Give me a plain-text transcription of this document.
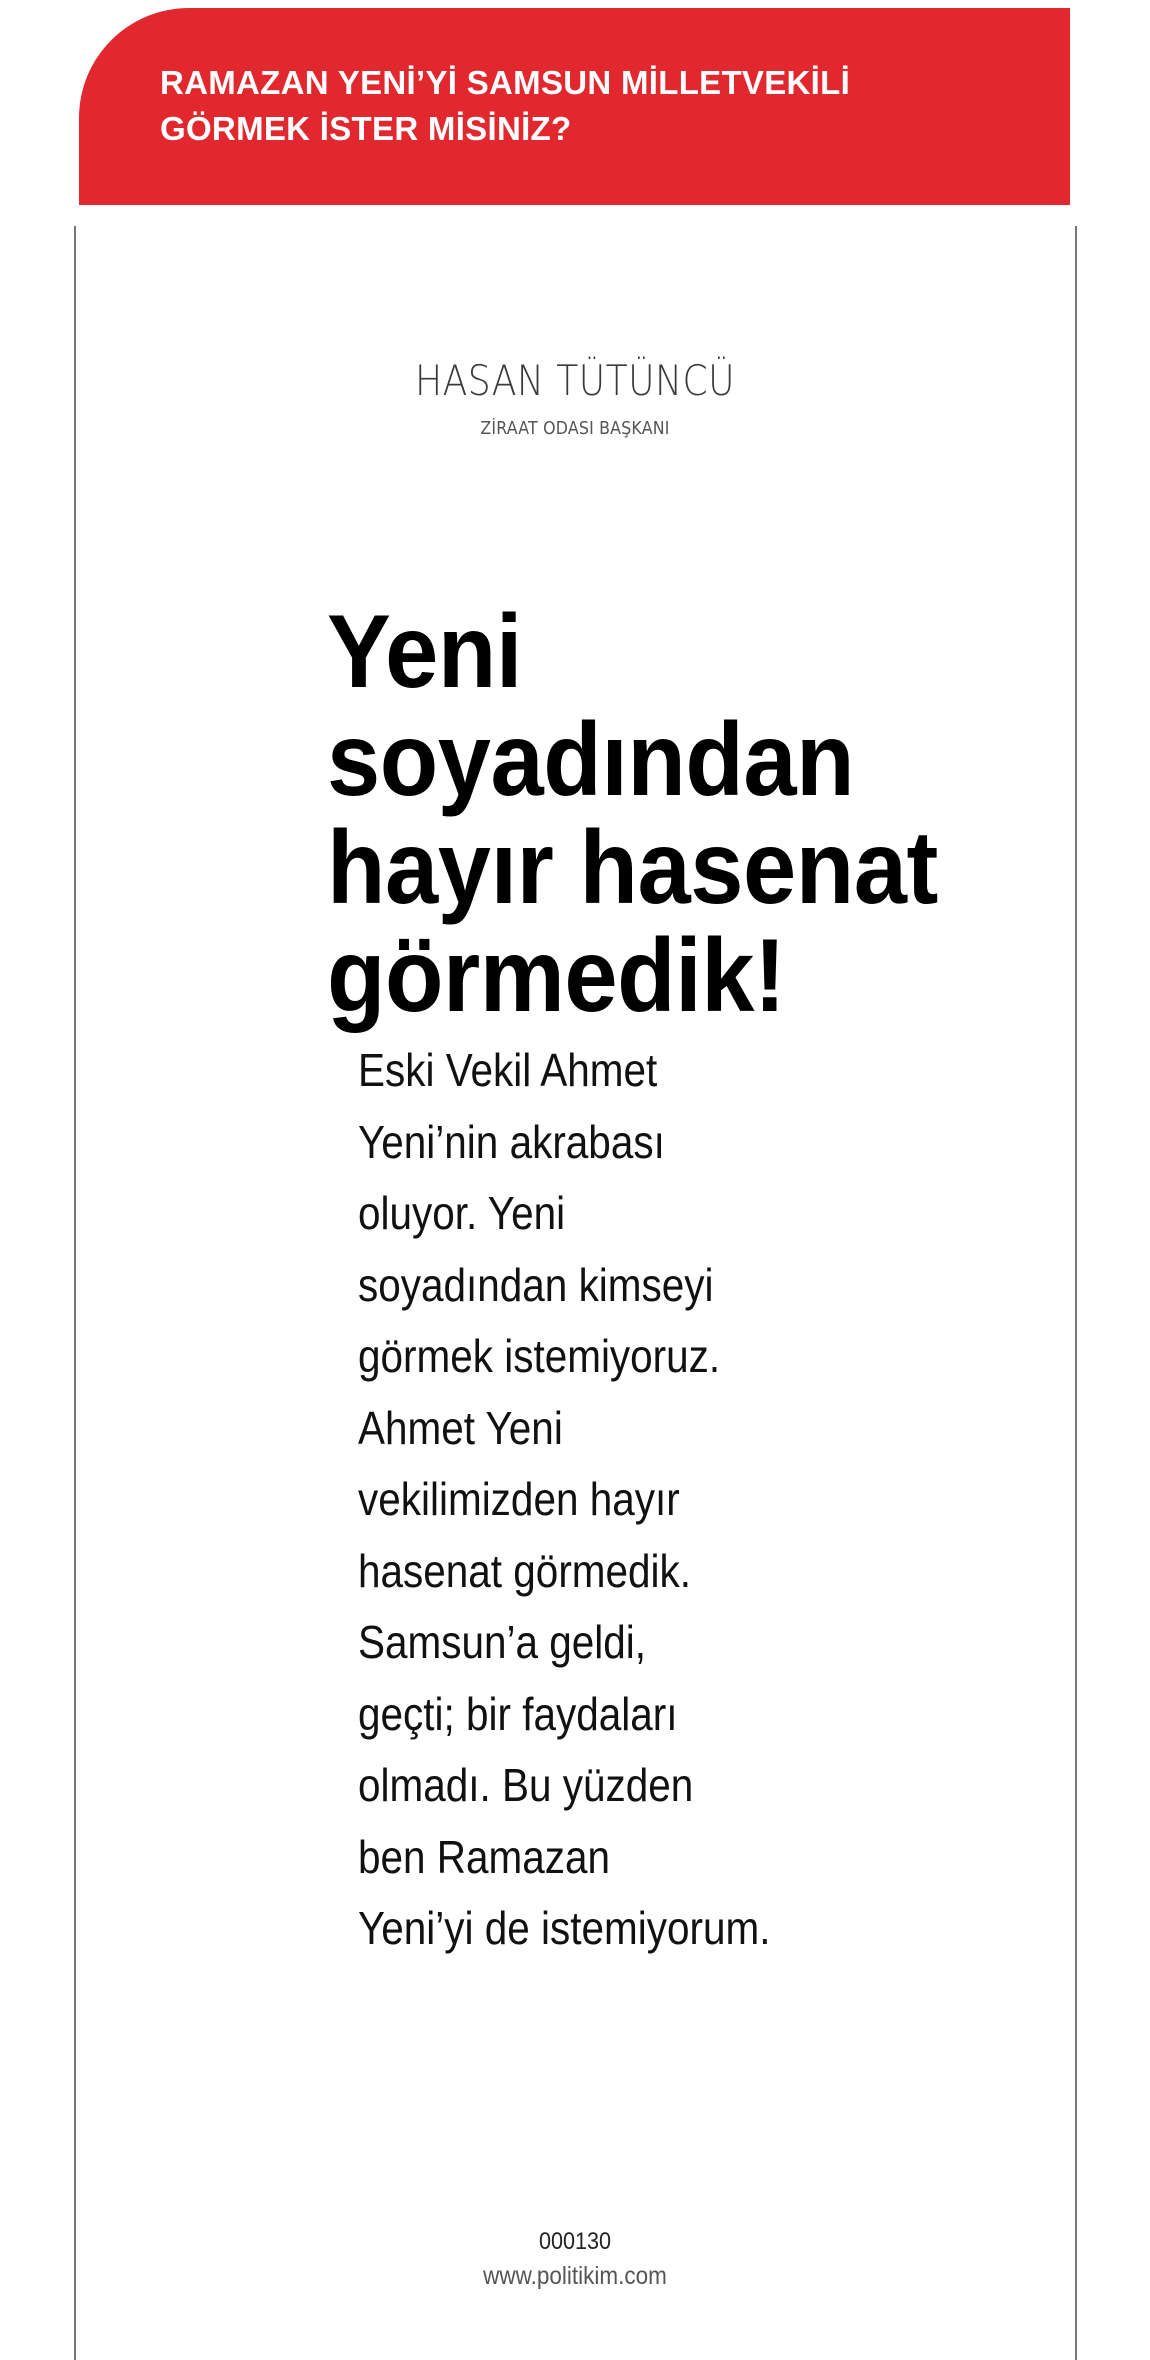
RAMAZAN YENİ’Yİ SAMSUN MİLLETVEKİLİ
GÖRMEK İSTER MİSİNİZ?
HASAN TÜTÜNCÜ
ZİRAAT ODASI BAŞKANI
Yeni
soyadından
hayır hasenat
görmedik!
Eski Vekil Ahmet
Yeni’nin akrabası
oluyor. Yeni
soyadından kimseyi
görmek istemiyoruz.
Ahmet Yeni
vekilimizden hayır
hasenat görmedik.
Samsun’a geldi,
geçti; bir faydaları
olmadı. Bu yüzden
ben Ramazan
Yeni’yi de istemiyorum.
000130
www.politikim.com
